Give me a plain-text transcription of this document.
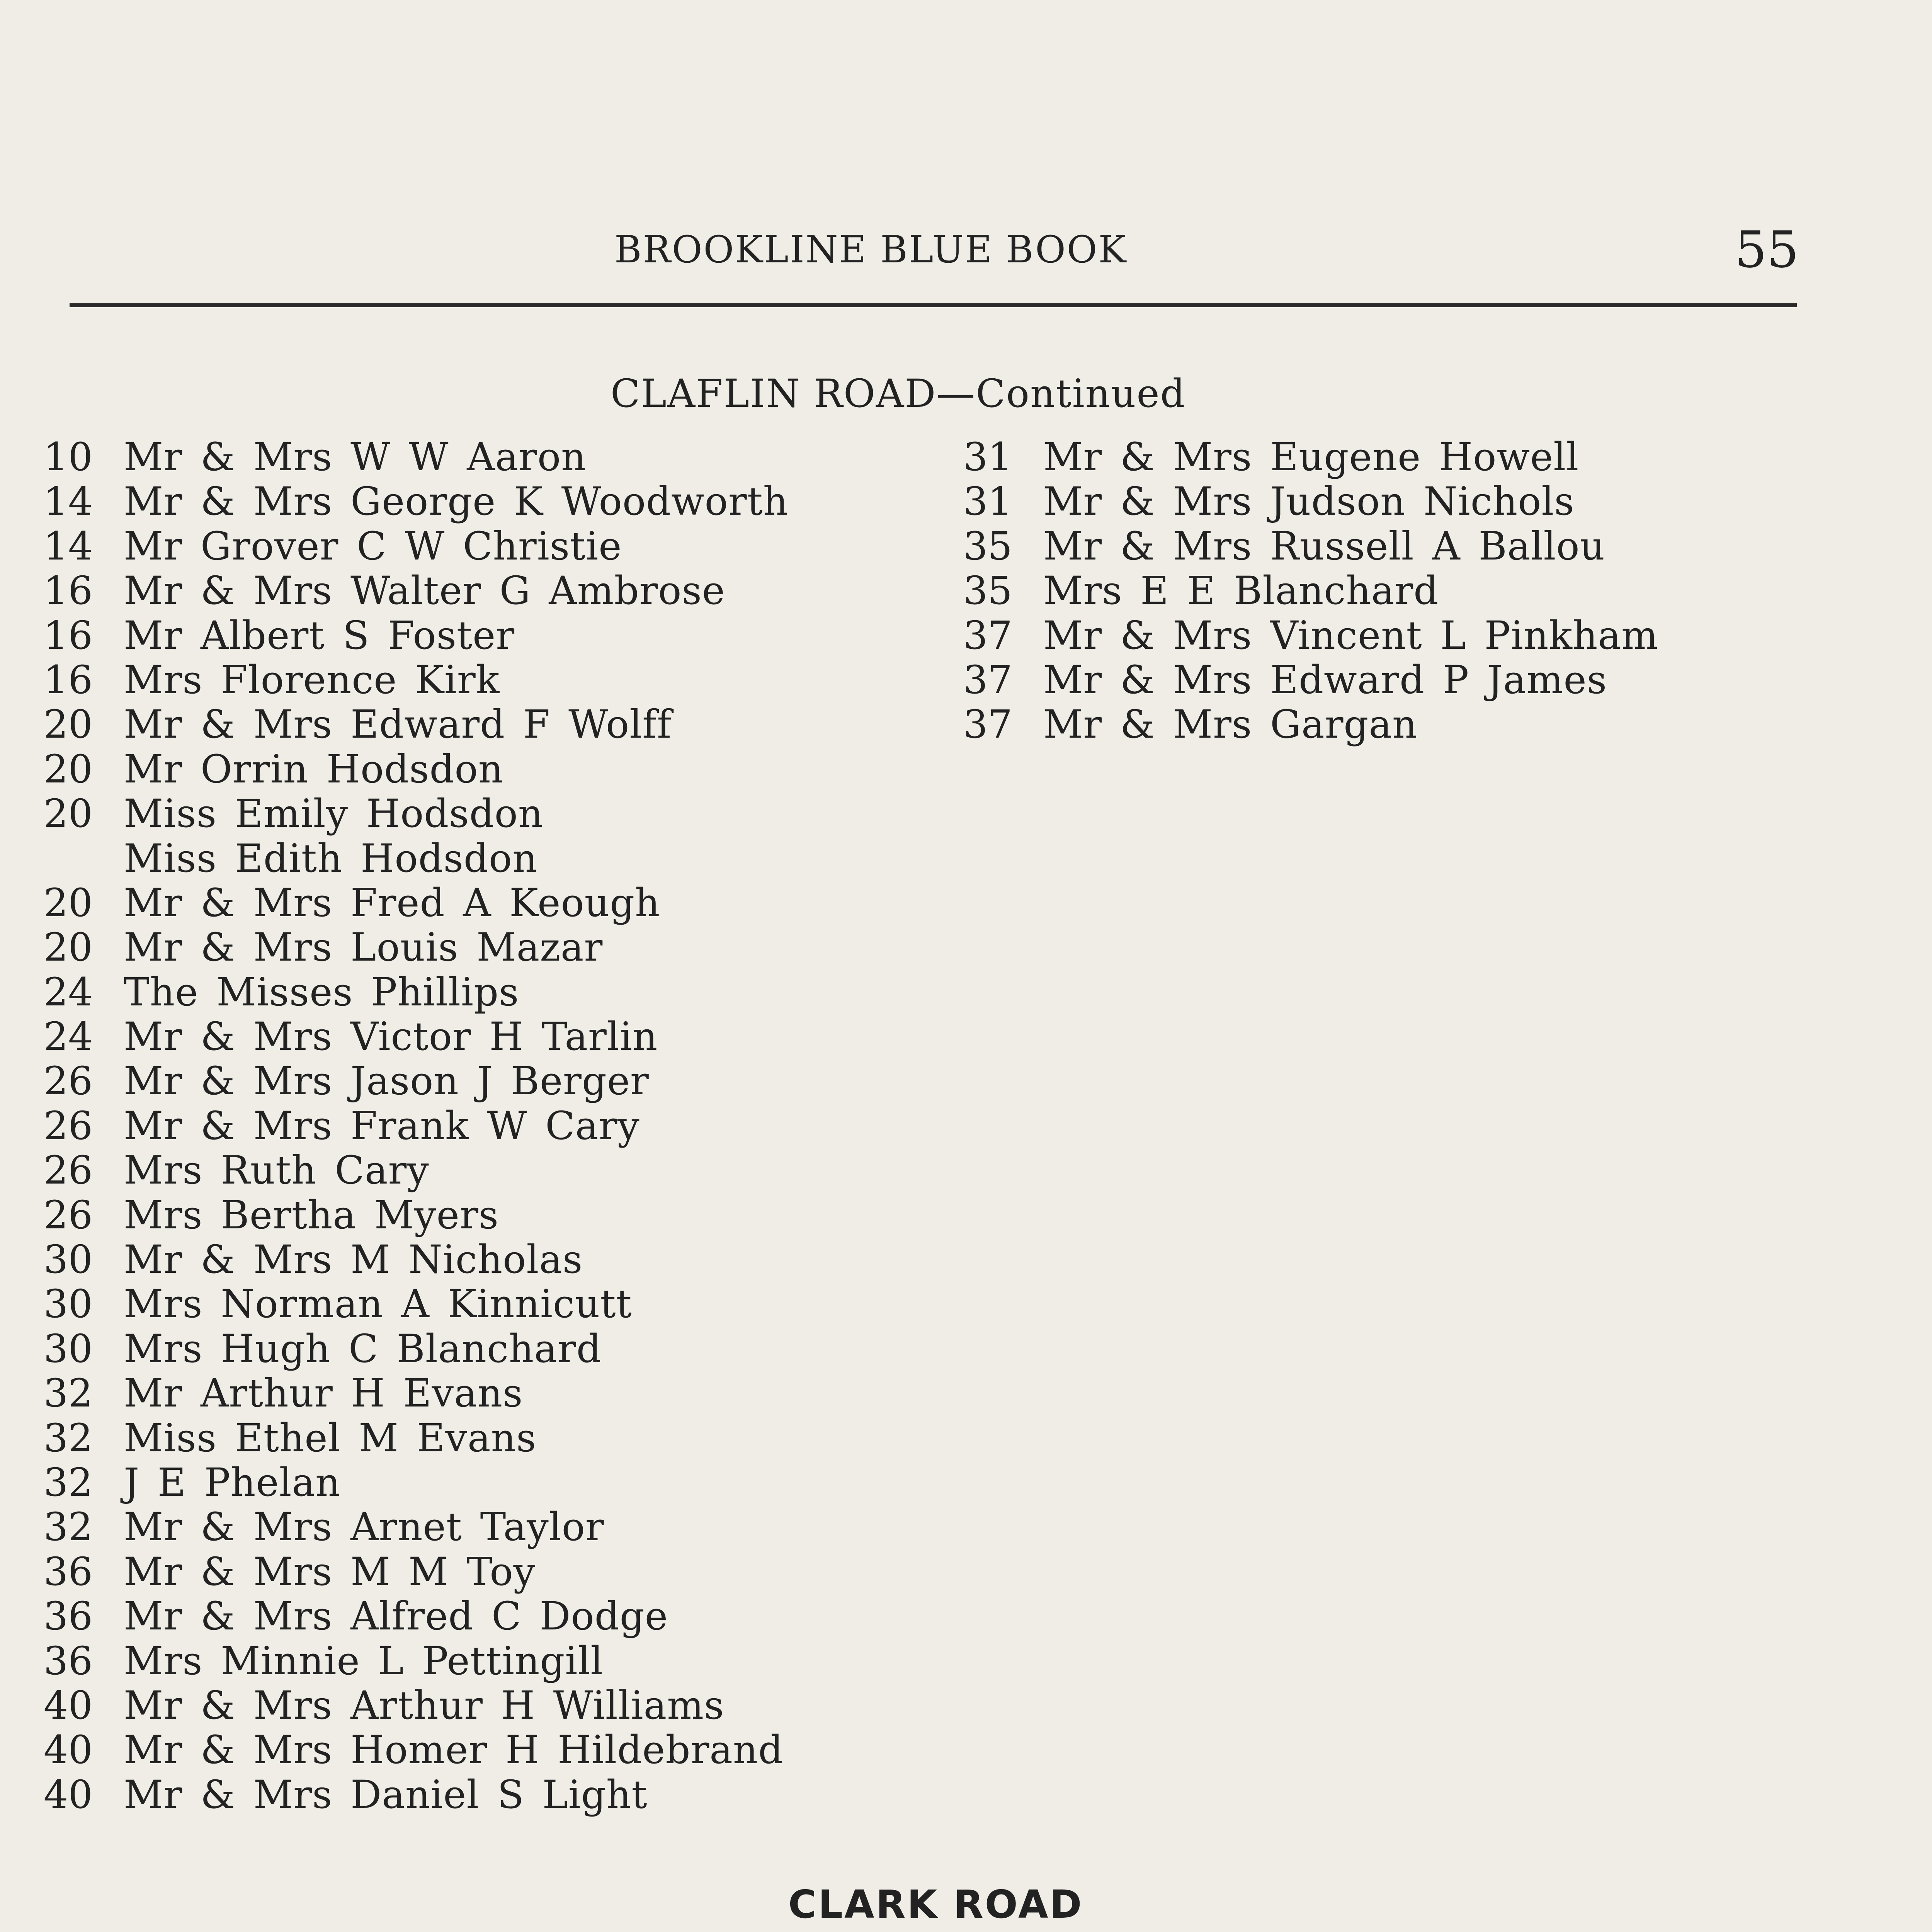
BROOKLINE BLUE BOOK	55
CLAFLIN ROAD—Continued
10 Mr & Mrs W W Aaron
14 Mr & Mrs George K Woodworth
14 Mr Grover C W Christie
16 Mr & Mrs Walter G Ambrose
16 Mr Albert S Foster
16 Mrs Florence Kirk
20 Mr & Mrs Edward F Wolff
20 Mr Orrin Hodsdon
20 Miss Emily Hodsdon
Miss Edith Hodsdon
20 Mr & Mrs Fred A Keough
20 Mr & Mrs Louis Mazar
24 The Misses Phillips
24 Mr & Mrs Victor H Tarlin
26 Mr & Mrs Jason J Berger
26 Mr & Mrs Frank W Cary
26 Mrs Ruth Cary
26 Mrs Bertha Myers
30 Mr & Mrs M Nicholas
30 Mrs Norman A Kinnicutt
30 Mrs Hugh C Blanchard
32 Mr Arthur H Evans
32 Miss Ethel M Evans
32 J E Phelan
32 Mr & Mrs Arnet Taylor
36 Mr & Mrs M M Toy
36 Mr & Mrs Alfred C Dodge
36 Mrs Minnie L Pettingill
40 Mr & Mrs Arthur H Williams
40 Mr & Mrs Homer H Hildebrand
40 Mr & Mrs Daniel S Light
31 Mr & Mrs Eugene Howell
31 Mr & Mrs Judson Nichols
35 Mr & Mrs Russell A Ballou
35 Mrs E E Blanchard
37 Mr & Mrs Vincent L Pinkham
37 Mr & Mrs Edward P James
37 Mr & Mrs Gargan
CLARK ROAD
